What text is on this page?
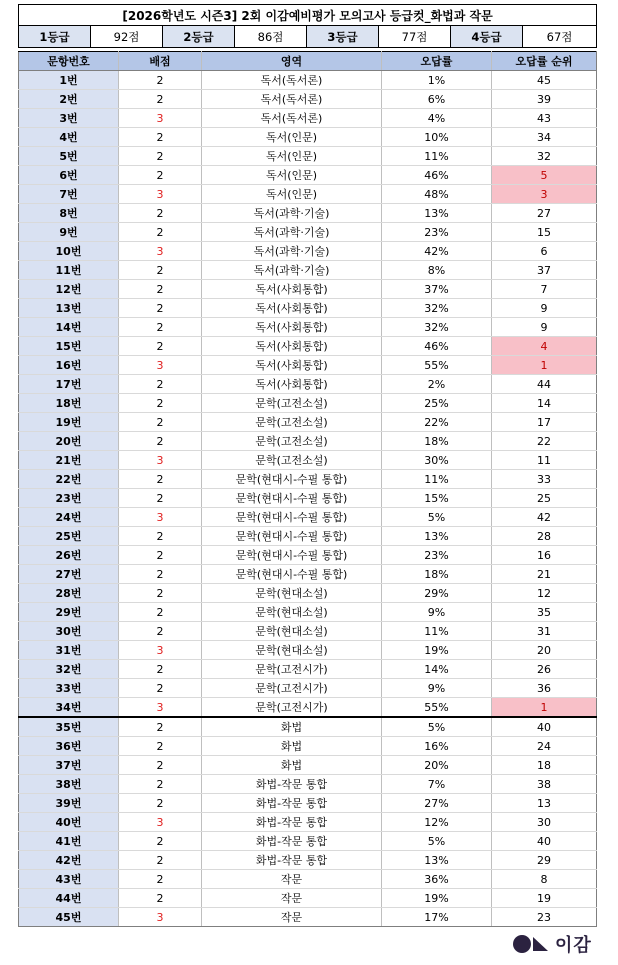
[2026학년도 시즌3] 2회 이감예비평가 모의고사 등급컷_화법과 작문
1등급	92점	2등급	86점	3등급	77점	4등급	67점
문항번호	배점	영역	오답률	오답률 순위
1번	2	독서(독서론)	1%	45
2번	2	독서(독서론)	6%	39
3번	3	독서(독서론)	4%	43
4번	2	독서(인문)	10%	34
5번	2	독서(인문)	11%	32
6번	2	독서(인문)	46%	5
7번	3	독서(인문)	48%	3
8번	2	독서(과학·기술)	13%	27
9번	2	독서(과학·기술)	23%	15
10번	3	독서(과학·기술)	42%	6
11번	2	독서(과학·기술)	8%	37
12번	2	독서(사회통합)	37%	7
13번	2	독서(사회통합)	32%	9
14번	2	독서(사회통합)	32%	9
15번	2	독서(사회통합)	46%	4
16번	3	독서(사회통합)	55%	1
17번	2	독서(사회통합)	2%	44
18번	2	문학(고전소설)	25%	14
19번	2	문학(고전소설)	22%	17
20번	2	문학(고전소설)	18%	22
21번	3	문학(고전소설)	30%	11
22번	2	문학(현대시-수필 통합)	11%	33
23번	2	문학(현대시-수필 통합)	15%	25
24번	3	문학(현대시-수필 통합)	5%	42
25번	2	문학(현대시-수필 통합)	13%	28
26번	2	문학(현대시-수필 통합)	23%	16
27번	2	문학(현대시-수필 통합)	18%	21
28번	2	문학(현대소설)	29%	12
29번	2	문학(현대소설)	9%	35
30번	2	문학(현대소설)	11%	31
31번	3	문학(현대소설)	19%	20
32번	2	문학(고전시가)	14%	26
33번	2	문학(고전시가)	9%	36
34번	3	문학(고전시가)	55%	1
35번	2	화법	5%	40
36번	2	화법	16%	24
37번	2	화법	20%	18
38번	2	화법-작문 통합	7%	38
39번	2	화법-작문 통합	27%	13
40번	3	화법-작문 통합	12%	30
41번	2	화법-작문 통합	5%	40
42번	2	화법-작문 통합	13%	29
43번	2	작문	36%	8
44번	2	작문	19%	19
45번	3	작문	17%	23
이감
